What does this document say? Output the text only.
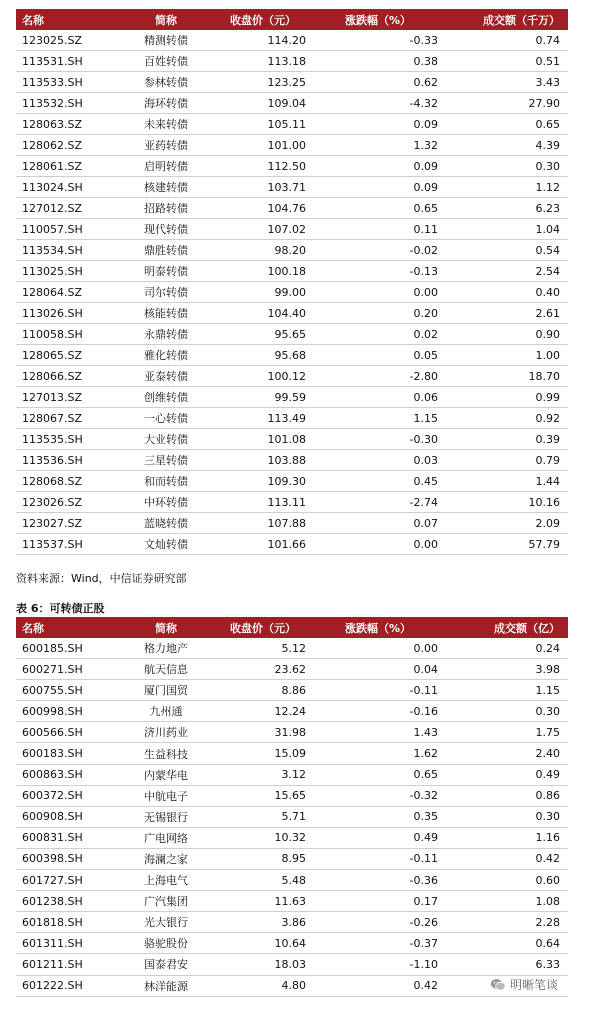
名称	简称	收盘价（元）	涨跌幅（%）	成交额（千万）
123025.SZ	精测转债	114.20	-0.33	0.74
113531.SH	百姓转债	113.18	0.38	0.51
113533.SH	参林转债	123.25	0.62	3.43
113532.SH	海环转债	109.04	-4.32	27.90
128063.SZ	未来转债	105.11	0.09	0.65
128062.SZ	亚药转债	101.00	1.32	4.39
128061.SZ	启明转债	112.50	0.09	0.30
113024.SH	核建转债	103.71	0.09	1.12
127012.SZ	招路转债	104.76	0.65	6.23
110057.SH	现代转债	107.02	0.11	1.04
113534.SH	鼎胜转债	98.20	-0.02	0.54
113025.SH	明泰转债	100.18	-0.13	2.54
128064.SZ	司尔转债	99.00	0.00	0.40
113026.SH	核能转债	104.40	0.20	2.61
110058.SH	永鼎转债	95.65	0.02	0.90
128065.SZ	雅化转债	95.68	0.05	1.00
128066.SZ	亚泰转债	100.12	-2.80	18.70
127013.SZ	创维转债	99.59	0.06	0.99
128067.SZ	一心转债	113.49	1.15	0.92
113535.SH	大业转债	101.08	-0.30	0.39
113536.SH	三星转债	103.88	0.03	0.79
128068.SZ	和而转债	109.30	0.45	1.44
123026.SZ	中环转债	113.11	-2.74	10.16
123027.SZ	蓝晓转债	107.88	0.07	2.09
113537.SH	文灿转债	101.66	0.00	57.79
资料来源：Wind，中信证券研究部
表 6：可转债正股
名称	简称	收盘价（元）	涨跌幅（%）	成交额（亿）
600185.SH	格力地产	5.12	0.00	0.24
600271.SH	航天信息	23.62	0.04	3.98
600755.SH	厦门国贸	8.86	-0.11	1.15
600998.SH	九州通	12.24	-0.16	0.30
600566.SH	济川药业	31.98	1.43	1.75
600183.SH	生益科技	15.09	1.62	2.40
600863.SH	内蒙华电	3.12	0.65	0.49
600372.SH	中航电子	15.65	-0.32	0.86
600908.SH	无锡银行	5.71	0.35	0.30
600831.SH	广电网络	10.32	0.49	1.16
600398.SH	海澜之家	8.95	-0.11	0.42
601727.SH	上海电气	5.48	-0.36	0.60
601238.SH	广汽集团	11.63	0.17	1.08
601818.SH	光大银行	3.86	-0.26	2.28
601311.SH	骆驼股份	10.64	-0.37	0.64
601211.SH	国泰君安	18.03	-1.10	6.33
601222.SH	林洋能源	4.80	0.42		明晰笔谈
